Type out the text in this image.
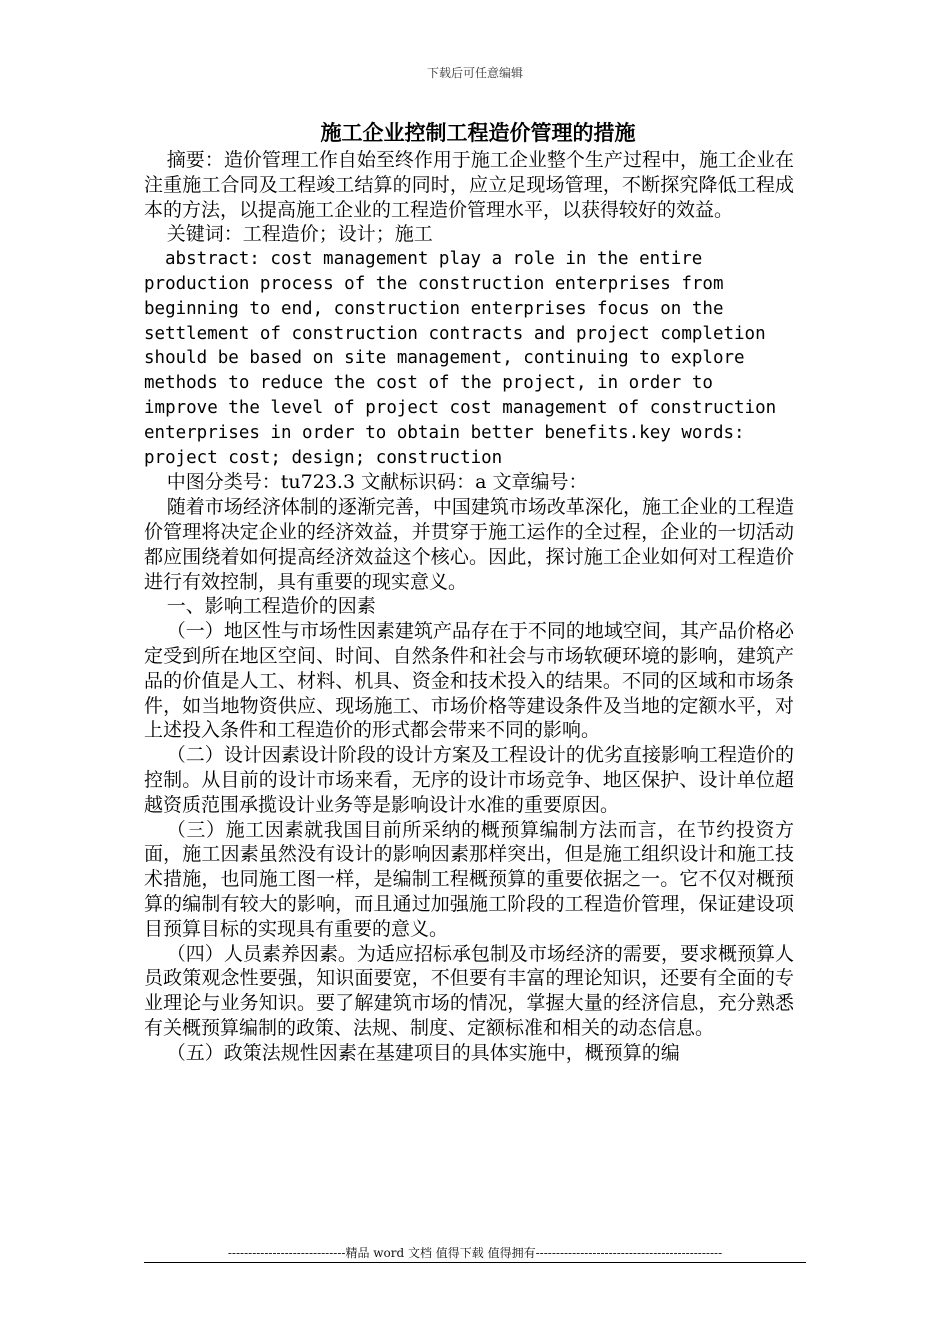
下载后可任意编辑
施工企业控制工程造价管理的措施

摘要：造价管理工作自始至终作用于施工企业整个生产过程中，施工企业在注重施工合同及工程竣工结算的同时，应立足现场管理，不断探究降低工程成本的方法，以提高施工企业的工程造价管理水平，以获得较好的效益。

关键词：工程造价；设计；施工

abstract: cost management play a role in the entire production process of the construction enterprises from beginning to end, construction enterprises focus on the settlement of construction contracts and project completion should be based on site management, continuing to explore methods to reduce the cost of the project, in order to improve the level of project cost management of construction enterprises in order to obtain better benefits.key words: project cost; design; construction

中图分类号：tu723.3 文献标识码：a 文章编号：

随着市场经济体制的逐渐完善，中国建筑市场改革深化，施工企业的工程造价管理将决定企业的经济效益，并贯穿于施工运作的全过程，企业的一切活动都应围绕着如何提高经济效益这个核心。因此，探讨施工企业如何对工程造价进行有效控制，具有重要的现实意义。

一、影响工程造价的因素

（一）地区性与市场性因素建筑产品存在于不同的地域空间，其产品价格必定受到所在地区空间、时间、自然条件和社会与市场软硬环境的影响，建筑产品的价值是人工、材料、机具、资金和技术投入的结果。不同的区域和市场条件，如当地物资供应、现场施工、市场价格等建设条件及当地的定额水平，对上述投入条件和工程造价的形式都会带来不同的影响。

（二）设计因素设计阶段的设计方案及工程设计的优劣直接影响工程造价的控制。从目前的设计市场来看，无序的设计市场竞争、地区保护、设计单位超越资质范围承揽设计业务等是影响设计水准的重要原因。

（三）施工因素就我国目前所采纳的概预算编制方法而言，在节约投资方面，施工因素虽然没有设计的影响因素那样突出，但是施工组织设计和施工技术措施，也同施工图一样，是编制工程概预算的重要依据之一。它不仅对概预算的编制有较大的影响，而且通过加强施工阶段的工程造价管理，保证建设项目预算目标的实现具有重要的意义。

（四）人员素养因素。为适应招标承包制及市场经济的需要，要求概预算人员政策观念性要强，知识面要宽，不但要有丰富的理论知识，还要有全面的专业理论与业务知识。要了解建筑市场的情况，掌握大量的经济信息，充分熟悉有关概预算编制的政策、法规、制度、定额标准和相关的动态信息。

（五）政策法规性因素在基建项目的具体实施中，概预算的编

-----------------------------精品 word 文档 值得下载 值得拥有----------------------------------------------
